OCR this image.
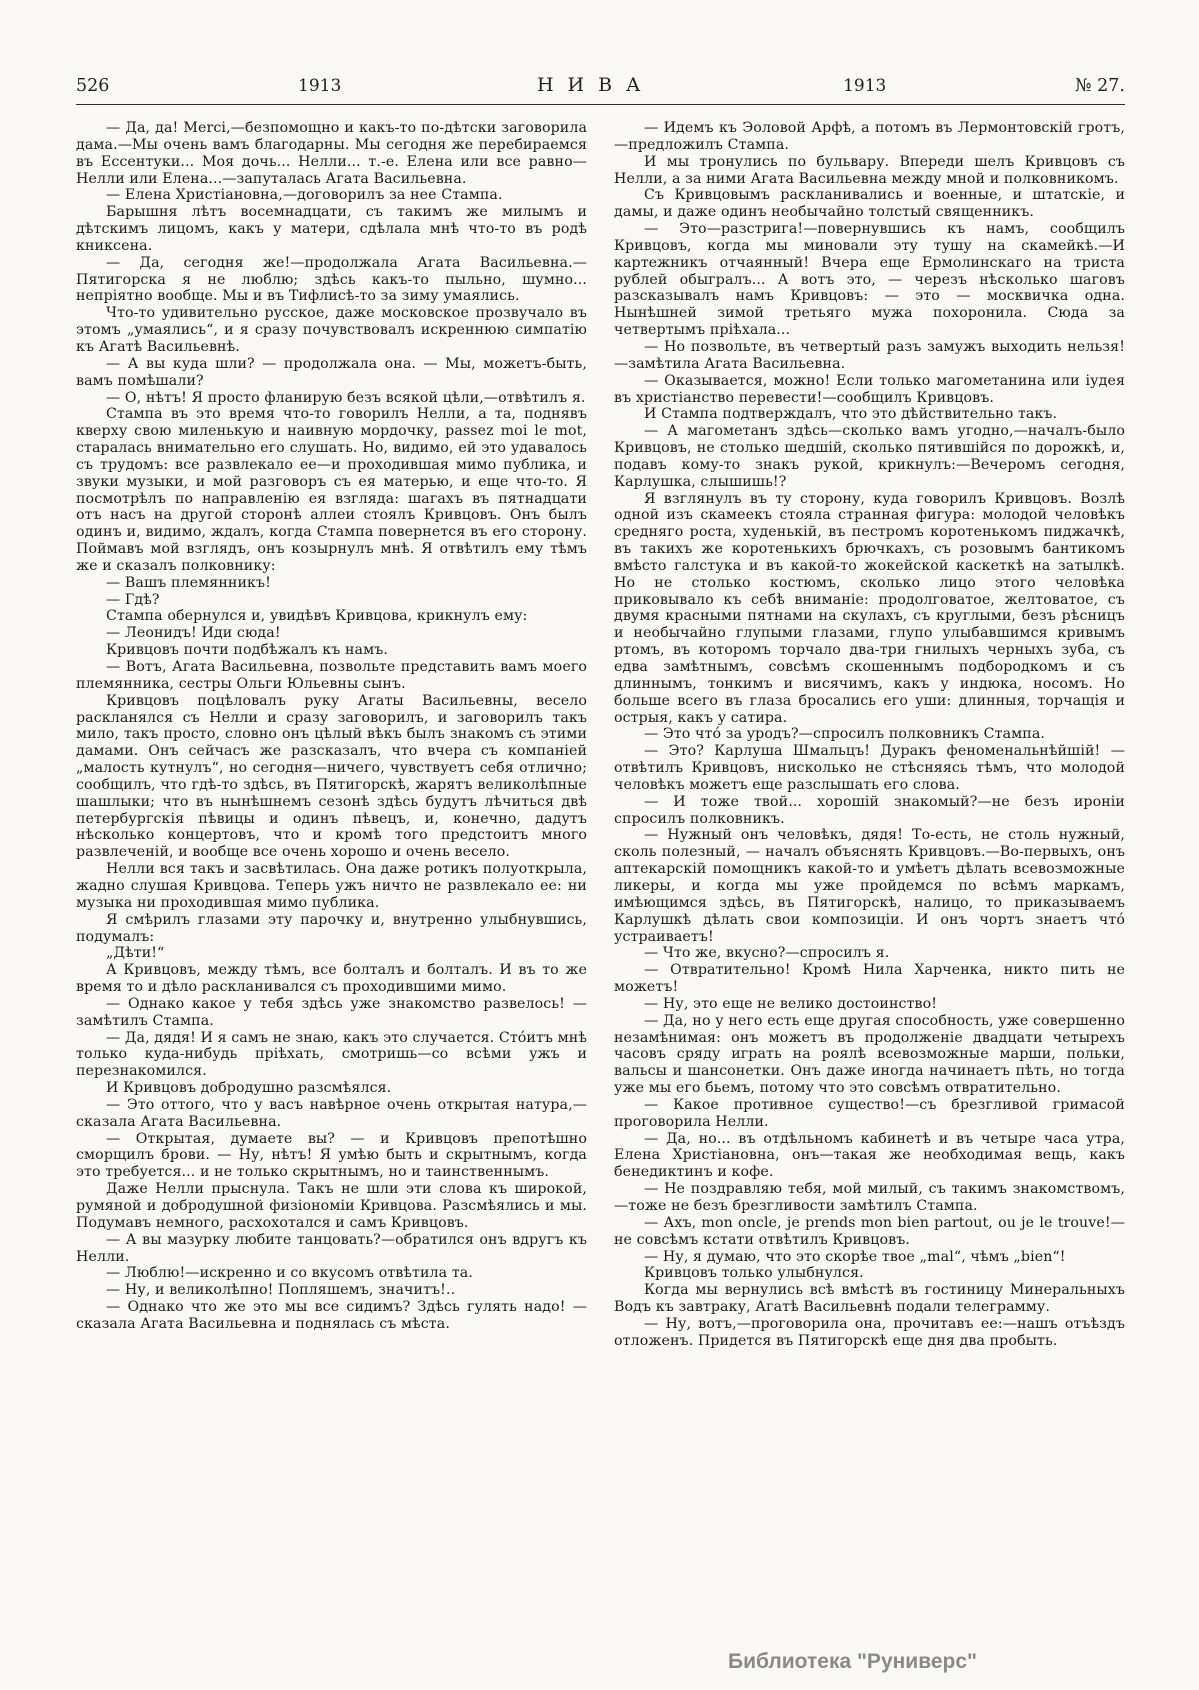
526	1913	НИВА	1913	№ 27.

— Да, да! Merci,—безпомощно и какъ-то по-дѣтски заговорила дама.—Мы очень вамъ благодарны. Мы сегодня же перебираемся въ Ессентуки... Моя дочь... Нелли... т.-е. Елена или все равно—Нелли или Елена...—запуталась Агата Васильевна.

— Елена Христіановна,—договорилъ за нее Стампа.

Барышня лѣтъ восемнадцати, съ такимъ же милымъ и дѣтскимъ лицомъ, какъ у матери, сдѣлала мнѣ что-то въ родѣ книксена.

— Да, сегодня же!—продолжала Агата Васильевна.—Пятигорска я не люблю; здѣсь какъ-то пыльно, шумно... непріятно вообще. Мы и въ Тифлисѣ-то за зиму умаялись.

Что-то удивительно русское, даже московское прозвучало въ этомъ „умаялись“, и я сразу почувствовалъ искреннюю симпатію къ Агатѣ Васильевнѣ.

— А вы куда шли? — продолжала она. — Мы, можетъ-быть, вамъ помѣшали?

— О, нѣтъ! Я просто фланирую безъ всякой цѣли,—отвѣтилъ я.

Стампа въ это время что-то говорилъ Нелли, а та, поднявъ кверху свою миленькую и наивную мордочку, passez moi le mot, старалась внимательно его слушать. Но, видимо, ей это удавалось съ трудомъ: все развлекало ее—и проходившая мимо публика, и звуки музыки, и мой разговоръ съ ея матерью, и еще что-то. Я посмотрѣлъ по направленію ея взгляда: шагахъ въ пятнадцати отъ насъ на другой сторонѣ аллеи стоялъ Кривцовъ. Онъ былъ одинъ и, видимо, ждалъ, когда Стампа повернется въ его сторону. Поймавъ мой взглядъ, онъ козырнулъ мнѣ. Я отвѣтилъ ему тѣмъ же и сказалъ полковнику:

— Вашъ племянникъ!

— Гдѣ?

Стампа обернулся и, увидѣвъ Кривцова, крикнулъ ему:

— Леонидъ! Иди сюда!

Кривцовъ почти подбѣжалъ къ намъ.

— Вотъ, Агата Васильевна, позвольте представить вамъ моего племянника, сестры Ольги Юльевны сынъ.

Кривцовъ поцѣловалъ руку Агаты Васильевны, весело раскланялся съ Нелли и сразу заговорилъ, и заговорилъ такъ мило, такъ просто, словно онъ цѣлый вѣкъ былъ знакомъ съ этими дамами. Онъ сейчасъ же разсказалъ, что вчера съ компаніей „малость кутнулъ“, но сегодня—ничего, чувствуетъ себя отлично; сообщилъ, что гдѣ-то здѣсь, въ Пятигорскѣ, жарятъ великолѣпные шашлыки; что въ нынѣшнемъ сезонѣ здѣсь будутъ лѣчиться двѣ петербургскія пѣвицы и одинъ пѣвецъ, и, конечно, дадутъ нѣсколько концертовъ, что и кромѣ того предстоитъ много развлеченій, и вообще все очень хорошо и очень весело.

Нелли вся такъ и засвѣтилась. Она даже ротикъ полуоткрыла, жадно слушая Кривцова. Теперь ужъ ничто не развлекало ее: ни музыка ни проходившая мимо публика.

Я смѣрилъ глазами эту парочку и, внутренно улыбнувшись, подумалъ:

„Дѣти!“

А Кривцовъ, между тѣмъ, все болталъ и болталъ. И въ то же время то и дѣло раскланивался съ проходившими мимо.

— Однако какое у тебя здѣсь уже знакомство развелось! — замѣтилъ Стампа.

— Да, дядя! И я самъ не знаю, какъ это случается. Стóитъ мнѣ только куда-нибудь пріѣхать, смотришь—со всѣми ужъ и перезнакомился.

И Кривцовъ добродушно разсмѣялся.

— Это оттого, что у васъ навѣрное очень открытая натура,—сказала Агата Васильевна.

— Открытая, думаете вы? — и Кривцовъ препотѣшно сморщилъ брови. — Ну, нѣтъ! Я умѣю быть и скрытнымъ, когда это требуется... и не только скрытнымъ, но и таинственнымъ.

Даже Нелли прыснула. Такъ не шли эти слова къ широкой, румяной и добродушной физіономіи Кривцова. Разсмѣялись и мы. Подумавъ немного, расхохотался и самъ Кривцовъ.

— А вы мазурку любите танцовать?—обратился онъ вдругъ къ Нелли.

— Люблю!—искренно и со вкусомъ отвѣтила та.

— Ну, и великолѣпно! Попляшемъ, значитъ!..

— Однако что же это мы все сидимъ? Здѣсь гулять надо! — сказала Агата Васильевна и поднялась съ мѣста.

— Идемъ къ Эоловой Арфѣ, а потомъ въ Лермонтовскій гротъ,—предложилъ Стампа.

И мы тронулись по бульвару. Впереди шелъ Кривцовъ съ Нелли, а за ними Агата Васильевна между мной и полковникомъ.

Съ Кривцовымъ раскланивались и военные, и штатскіе, и дамы, и даже одинъ необычайно толстый священникъ.

— Это—разстрига!—повернувшись къ намъ, сообщилъ Кривцовъ, когда мы миновали эту тушу на скамейкѣ.—И картежникъ отчаянный! Вчера еще Ермолинскаго на триста рублей обыгралъ... А вотъ это, — черезъ нѣсколько шаговъ разсказывалъ намъ Кривцовъ: — это — москвичка одна. Нынѣшней зимой третьяго мужа похоронила. Сюда за четвертымъ пріѣхала...

— Но позвольте, въ четвертый разъ замужъ выходить нельзя!—замѣтила Агата Васильевна.

— Оказывается, можно! Если только магометанина или іудея въ христіанство перевести!—сообщилъ Кривцовъ.

И Стампа подтверждалъ, что это дѣйствительно такъ.

— А магометанъ здѣсь—сколько вамъ угодно,—началъ-было Кривцовъ, не столько шедшій, сколько пятившійся по дорожкѣ, и, подавъ кому-то знакъ рукой, крикнулъ:—Вечеромъ сегодня, Карлушка, слышишь!?

Я взглянулъ въ ту сторону, куда говорилъ Кривцовъ. Возлѣ одной изъ скамеекъ стояла странная фигура: молодой человѣкъ средняго роста, худенькій, въ пестромъ коротенькомъ пиджачкѣ, въ такихъ же коротенькихъ брючкахъ, съ розовымъ бантикомъ вмѣсто галстука и въ какой-то жокейской каскеткѣ на затылкѣ. Но не столько костюмъ, сколько лицо этого человѣка приковывало къ себѣ вниманіе: продолговатое, желтоватое, съ двумя красными пятнами на скулахъ, съ круглыми, безъ рѣсницъ и необычайно глупыми глазами, глупо улыбавшимся кривымъ ртомъ, въ которомъ торчало два-три гнилыхъ черныхъ зуба, съ едва замѣтнымъ, совсѣмъ скошеннымъ подбородкомъ и съ длиннымъ, тонкимъ и висячимъ, какъ у индюка, носомъ. Но больше всего въ глаза бросались его уши: длинныя, торчащія и острыя, какъ у сатира.

— Это чтó за уродъ?—спросилъ полковникъ Стампа.

— Это? Карлуша Шмальцъ! Дуракъ феноменальнѣйшій! — отвѣтилъ Кривцовъ, нисколько не стѣсняясь тѣмъ, что молодой человѣкъ можетъ еще разслышать его слова.

— И тоже твой... хорошій знакомый?—не безъ ироніи спросилъ полковникъ.

— Нужный онъ человѣкъ, дядя! То-есть, не столь нужный, сколь полезный, — началъ объяснять Кривцовъ.—Во-первыхъ, онъ аптекарскій помощникъ какой-то и умѣетъ дѣлать всевозможные ликеры, и когда мы уже пройдемся по всѣмъ маркамъ, имѣющимся здѣсь, въ Пятигорскѣ, налицо, то приказываемъ Карлушкѣ дѣлать свои композиціи. И онъ чортъ знаетъ чтó устраиваетъ!

— Что же, вкусно?—спросилъ я.

— Отвратительно! Кромѣ Нила Харченка, никто пить не можетъ!

— Ну, это еще не велико достоинство!

— Да, но у него есть еще другая способность, уже совершенно незамѣнимая: онъ можетъ въ продолженіе двадцати четырехъ часовъ сряду играть на роялѣ всевозможные марши, польки, вальсы и шансонетки. Онъ даже иногда начинаетъ пѣть, но тогда уже мы его бьемъ, потому что это совсѣмъ отвратительно.

— Какое противное существо!—съ брезгливой гримасой проговорила Нелли.

— Да, но... въ отдѣльномъ кабинетѣ и въ четыре часа утра, Елена Христіановна, онъ—такая же необходимая вещь, какъ бенедиктинъ и кофе.

— Не поздравляю тебя, мой милый, съ такимъ знакомствомъ,—тоже не безъ брезгливости замѣтилъ Стампа.

— Ахъ, mon oncle, je prends mon bien partout, ou je le trouve!—не совсѣмъ кстати отвѣтилъ Кривцовъ.

— Ну, я думаю, что это скорѣе твое „mal“, чѣмъ „bien“!

Кривцовъ только улыбнулся.

Когда мы вернулись всѣ вмѣстѣ въ гостиницу Минеральныхъ Водъ къ завтраку, Агатѣ Васильевнѣ подали телеграмму.

— Ну, вотъ,—проговорила она, прочитавъ ее:—нашъ отъѣздъ отложенъ. Придется въ Пятигорскѣ еще дня два пробыть.

Библиотека "Руниверс"
